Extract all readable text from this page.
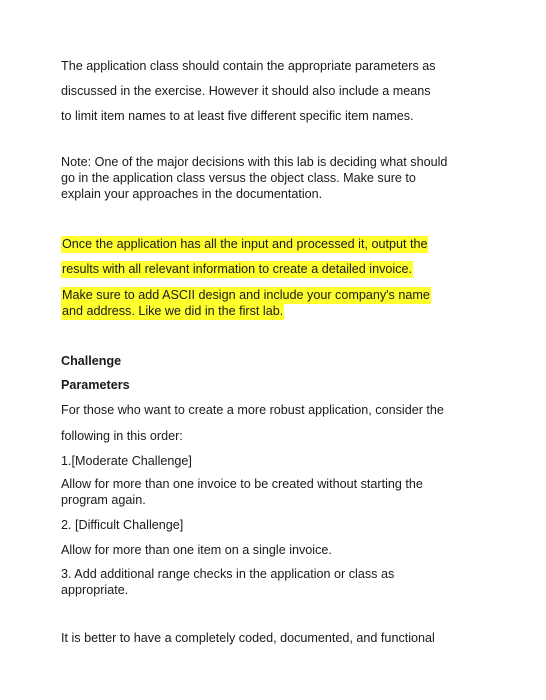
The application class should contain the appropriate parameters as
discussed in the exercise. However it should also include a means
to limit item names to at least five different specific item names.
Note: One of the major decisions with this lab is deciding what should
go in the application class versus the object class. Make sure to
explain your approaches in the documentation.
Once the application has all the input and processed it, output the
results with all relevant information to create a detailed invoice.
Make sure to add ASCII design and include your company's name
and address. Like we did in the first lab.
Challenge
Parameters
For those who want to create a more robust application, consider the
following in this order:
1.[Moderate Challenge]
Allow for more than one invoice to be created without starting the
program again.
2. [Difficult Challenge]
Allow for more than one item on a single invoice.
3. Add additional range checks in the application or class as
appropriate.
It is better to have a completely coded, documented, and functional
